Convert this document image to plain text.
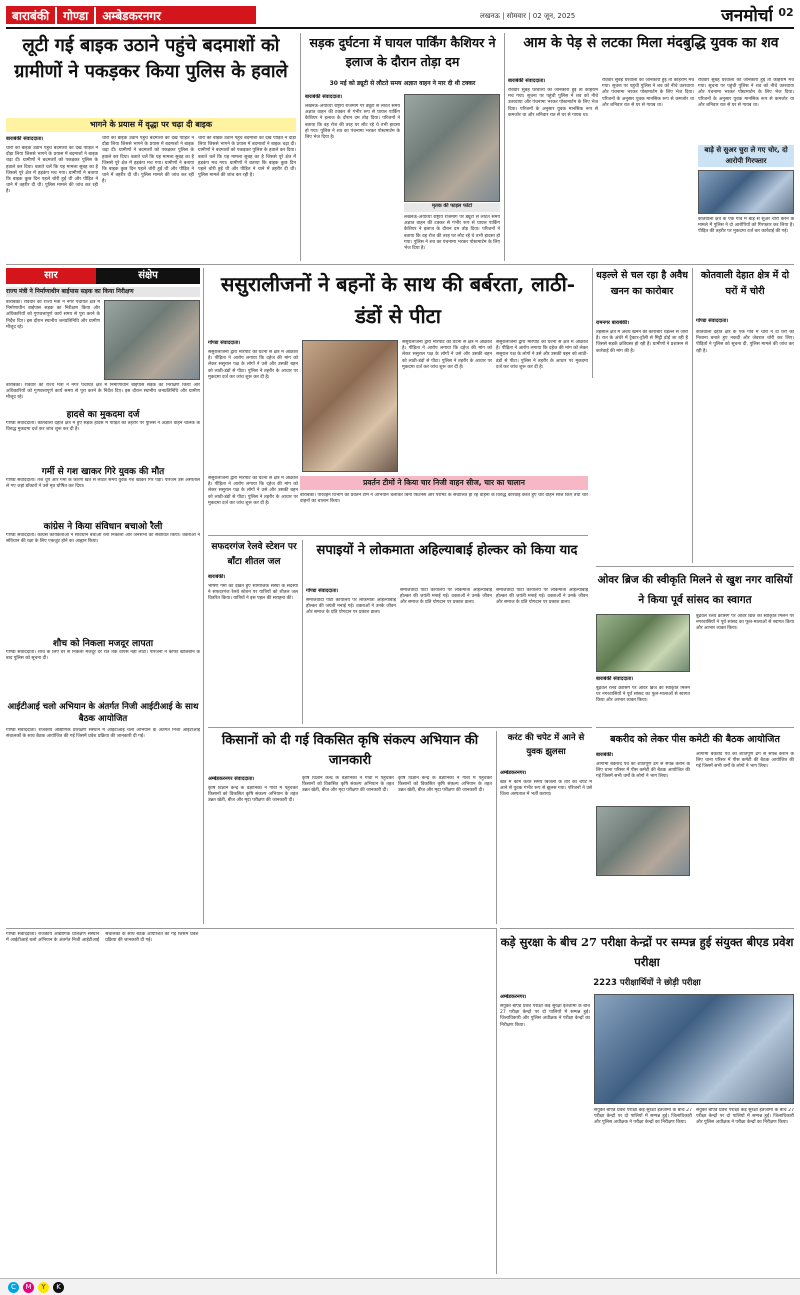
बाराबंकी	गोण्डा	अम्बेडकरनगर	लखनऊ | सोमवार | 02 जून, 2025	जनमोर्चा 02
लूटी गई बाइक उठाने पहुंचे बदमाशों को ग्रामीणों ने पकड़कर किया पुलिस के हवाले
भागने के प्रयास में वृद्धा पर चढ़ा दी बाइक
बाराबंकी संवाददाता।
चोरी की बाइक उठाने पहुंचे बदमाशों को देख पीड़ित ने दौड़ा लिया जिससे भागने के प्रयास में बदमाशों ने बाइक चढ़ा दी। ग्रामीणों ने बदमाशों को पकड़कर पुलिस के हवाले कर दिया। बताते चलें कि यह मामला सुबह का है जिससे पूरे क्षेत्र में हड़कंप मच गया। ग्रामीणों ने बताया कि बाइक कुछ दिन पहले चोरी हुई थी और पीड़ित ने थाने में तहरीर दी थी। पुलिस मामले की जांच कर रही है।
चोरी की बाइक उठाने पहुंचे बदमाशों को देख पीड़ित ने दौड़ा लिया जिससे भागने के प्रयास में बदमाशों ने बाइक चढ़ा दी। ग्रामीणों ने बदमाशों को पकड़कर पुलिस के हवाले कर दिया। बताते चलें कि यह मामला सुबह का है जिससे पूरे क्षेत्र में हड़कंप मच गया। ग्रामीणों ने बताया कि बाइक कुछ दिन पहले चोरी हुई थी और पीड़ित ने थाने में तहरीर दी थी। पुलिस मामले की जांच कर रही है।
चोरी की बाइक उठाने पहुंचे बदमाशों को देख पीड़ित ने दौड़ा लिया जिससे भागने के प्रयास में बदमाशों ने बाइक चढ़ा दी। ग्रामीणों ने बदमाशों को पकड़कर पुलिस के हवाले कर दिया। बताते चलें कि यह मामला सुबह का है जिससे पूरे क्षेत्र में हड़कंप मच गया। ग्रामीणों ने बताया कि बाइक कुछ दिन पहले चोरी हुई थी और पीड़ित ने थाने में तहरीर दी थी। पुलिस मामले की जांच कर रही है।
सड़क दुर्घटना में घायल पार्किंग कैशियर ने इलाज के दौरान तोड़ा दम
30 मई को ड्यूटी से लौटते समय अज्ञात वाहन ने मार दी थी टक्कर
बाराबंकी संवाददाता।
लखनऊ-अयोध्या राष्ट्रीय राजमार्ग पर ड्यूटी से लौटते समय अज्ञात वाहन की टक्कर से गंभीर रूप से घायल पार्किंग कैशियर ने इलाज के दौरान दम तोड़ दिया। परिजनों ने बताया कि वह रोज की तरह घर लौट रहे थे तभी हादसा हो गया। पुलिस ने शव का पंचनामा भरकर पोस्टमार्टम के लिए भेज दिया है।
मृतक की फाइल फोटो
लखनऊ-अयोध्या राष्ट्रीय राजमार्ग पर ड्यूटी से लौटते समय अज्ञात वाहन की टक्कर से गंभीर रूप से घायल पार्किंग कैशियर ने इलाज के दौरान दम तोड़ दिया। परिजनों ने बताया कि वह रोज की तरह घर लौट रहे थे तभी हादसा हो गया। पुलिस ने शव का पंचनामा भरकर पोस्टमार्टम के लिए भेज दिया है।
आम के पेड़ से लटका मिला मंदबुद्धि युवक का शव
बाराबंकी संवाददाता।
रविवार सुबह घरवालों को जानकारी हुई तो कोहराम मच गया। सूचना पर पहुंची पुलिस ने शव को नीचे उतरवाया और पंचनामा भरकर पोस्टमार्टम के लिए भेज दिया। परिजनों के अनुसार युवक मानसिक रूप से कमजोर था और शनिवार रात से घर से गायब था।
रविवार सुबह घरवालों को जानकारी हुई तो कोहराम मच गया। सूचना पर पहुंची पुलिस ने शव को नीचे उतरवाया और पंचनामा भरकर पोस्टमार्टम के लिए भेज दिया। परिजनों के अनुसार युवक मानसिक रूप से कमजोर था और शनिवार रात से घर से गायब था।
रविवार सुबह घरवालों को जानकारी हुई तो कोहराम मच गया। सूचना पर पहुंची पुलिस ने शव को नीचे उतरवाया और पंचनामा भरकर पोस्टमार्टम के लिए भेज दिया। परिजनों के अनुसार युवक मानसिक रूप से कमजोर था और शनिवार रात से घर से गायब था।
बाड़े से सुअर चुरा ले गए चोर, दो आरोपी गिरफ्तार
कोतवाली क्षेत्र के एक गांव में बाड़े से सुअर चोरी करने के मामले में पुलिस ने दो आरोपियों को गिरफ्तार कर लिया है। पीड़ित की तहरीर पर मुकदमा दर्ज कर कार्रवाई की गई।
सार	संक्षेप
राज्य मंत्री ने निर्माणाधीन बाईपास सड़क का किया निरीक्षण
बाराबंकी। रविवार को राज्य मंत्री ने नगर पंचायत क्षेत्र में निर्माणाधीन बाईपास सड़क का निरीक्षण किया और अधिकारियों को गुणवत्तापूर्ण कार्य समय से पूरा करने के निर्देश दिए। इस दौरान स्थानीय जनप्रतिनिधि और ग्रामीण मौजूद रहे।
बाराबंकी। रविवार को राज्य मंत्री ने नगर पंचायत क्षेत्र में निर्माणाधीन बाईपास सड़क का निरीक्षण किया और अधिकारियों को गुणवत्तापूर्ण कार्य समय से पूरा करने के निर्देश दिए। इस दौरान स्थानीय जनप्रतिनिधि और ग्रामीण मौजूद रहे।
हादसे का मुकदमा दर्ज
गोण्डा संवाददाता। कोतवाली देहात क्षेत्र में हुए सड़क हादसे में पीड़ित की तहरीर पर पुलिस ने अज्ञात वाहन चालक के विरुद्ध मुकदमा दर्ज कर जांच शुरू कर दी है।
गर्मी से गश खाकर गिरे युवक की मौत
गोण्डा संवाददाता। तेज धूप और गर्मी के कारण खेत से लौटते समय युवक गश खाकर गिर पड़ा। परिजन उसे अस्पताल ले गए जहां डॉक्टरों ने उसे मृत घोषित कर दिया।
कांग्रेस ने किया संविधान बचाओ रैली
गोण्डा संवाददाता। कांग्रेस कार्यकर्ताओं ने संविधान बचाओ रैली निकाली और जनसभा को संबोधित किया। वक्ताओं ने संविधान की रक्षा के लिए एकजुट होने का आह्वान किया।
शौच को निकला मजदूर लापता
गोण्डा संवाददाता। शौच के लिए घर से निकला मजदूर देर रात तक वापस नहीं लौटा। परिजनों ने काफी खोजबीन के बाद पुलिस को सूचना दी।
आईटीआई चलो अभियान के अंतर्गत निजी आईटीआई के साथ बैठक आयोजित
गोण्डा संवाददाता। राजकीय औद्योगिक प्रशिक्षण संस्थान में आईटीआई चलो अभियान के अंतर्गत निजी आईटीआई संचालकों के साथ बैठक आयोजित की गई जिसमें प्रवेश प्रक्रिया की जानकारी दी गई।
ससुरालीजनों ने बहनों के साथ की बर्बरता, लाठी-डंडों से पीटा
गोण्डा संवाददाता।
ससुरालीजनों द्वारा मारपीट की घटना से क्षेत्र में आक्रोश है। पीड़िता ने आरोप लगाया कि दहेज की मांग को लेकर ससुराल पक्ष के लोगों ने उसे और उसकी बहन को लाठी-डंडों से पीटा। पुलिस ने तहरीर के आधार पर मुकदमा दर्ज कर जांच शुरू कर दी है।
ससुरालीजनों द्वारा मारपीट की घटना से क्षेत्र में आक्रोश है। पीड़िता ने आरोप लगाया कि दहेज की मांग को लेकर ससुराल पक्ष के लोगों ने उसे और उसकी बहन को लाठी-डंडों से पीटा। पुलिस ने तहरीर के आधार पर मुकदमा दर्ज कर जांच शुरू कर दी है।
ससुरालीजनों द्वारा मारपीट की घटना से क्षेत्र में आक्रोश है। पीड़िता ने आरोप लगाया कि दहेज की मांग को लेकर ससुराल पक्ष के लोगों ने उसे और उसकी बहन को लाठी-डंडों से पीटा। पुलिस ने तहरीर के आधार पर मुकदमा दर्ज कर जांच शुरू कर दी है।
प्रवर्तन टीमों ने किया चार निजी वाहन सीज, चार का चालान
बाराबंकी। परिवहन विभाग की प्रवर्तन टीम ने अभियान चलाकर बिना फिटनेस और परमिट के संचालित हो रहे वाहनों के विरुद्ध कार्रवाई करते हुए चार वाहन सीज किए तथा चार वाहनों का चालान किया।
ससुरालीजनों द्वारा मारपीट की घटना से क्षेत्र में आक्रोश है। पीड़िता ने आरोप लगाया कि दहेज की मांग को लेकर ससुराल पक्ष के लोगों ने उसे और उसकी बहन को लाठी-डंडों से पीटा। पुलिस ने तहरीर के आधार पर मुकदमा दर्ज कर जांच शुरू कर दी है।
सफदरगंज रेलवे स्टेशन पर बाँटा शीतल जल
बाराबंकी।
भीषण गर्मी को देखते हुए सामाजिक संस्था के सदस्यों ने सफदरगंज रेलवे स्टेशन पर यात्रियों को शीतल जल वितरित किया। यात्रियों ने इस पहल की सराहना की।
सपाइयों ने लोकमाता अहिल्याबाई होल्कर को किया याद
गोण्डा संवाददाता।
समाजवादी पार्टी कार्यालय पर लोकमाता अहिल्याबाई होल्कर की जयंती मनाई गई। वक्ताओं ने उनके जीवन और समाज के प्रति योगदान पर प्रकाश डाला।
समाजवादी पार्टी कार्यालय पर लोकमाता अहिल्याबाई होल्कर की जयंती मनाई गई। वक्ताओं ने उनके जीवन और समाज के प्रति योगदान पर प्रकाश डाला।
समाजवादी पार्टी कार्यालय पर लोकमाता अहिल्याबाई होल्कर की जयंती मनाई गई। वक्ताओं ने उनके जीवन और समाज के प्रति योगदान पर प्रकाश डाला।
धड़ल्ले से चल रहा है अवैध खनन का कारोबार
रामनगर बाराबंकी।
तहसील क्षेत्र में अवैध खनन का कारोबार धड़ल्ले से जारी है। रात के अंधेरे में ट्रैक्टर-ट्रॉली से मिट्टी ढोई जा रही है जिससे सड़कें क्षतिग्रस्त हो रही हैं। ग्रामीणों ने प्रशासन से कार्रवाई की मांग की है।
कोतवाली देहात क्षेत्र के एक गांव में चोरों ने दो घरों को निशाना बनाते हुए नकदी और जेवरात चोरी कर लिए। पीड़ितों ने पुलिस को सूचना दी, पुलिस मामले की जांच कर रही है।
गोण्डा संवाददाता।
कोतवाली देहात क्षेत्र में दो घरों में चोरी
ओवर ब्रिज की स्वीकृति मिलने से खुश नगर वासियों ने किया पूर्व सांसद का स्वागत
बाराबंकी संवाददाता।
बुढ़वल रेलवे क्रॉसिंग पर ओवर ब्रिज की स्वीकृति मिलने पर नगरवासियों ने पूर्व सांसद का फूल-मालाओं से स्वागत किया और आभार व्यक्त किया।
बुढ़वल रेलवे क्रॉसिंग पर ओवर ब्रिज की स्वीकृति मिलने पर नगरवासियों ने पूर्व सांसद का फूल-मालाओं से स्वागत किया और आभार व्यक्त किया।
बकरीद को लेकर पीस कमेटी की बैठक आयोजित
बाराबंकी।
आगामी बकरीद पर्व को शांतिपूर्ण ढंग से संपन्न कराने के लिए थाना परिसर में पीस कमेटी की बैठक आयोजित की गई जिसमें सभी धर्मों के लोगों ने भाग लिया।
आगामी बकरीद पर्व को शांतिपूर्ण ढंग से संपन्न कराने के लिए थाना परिसर में पीस कमेटी की बैठक आयोजित की गई जिसमें सभी धर्मों के लोगों ने भाग लिया।
किसानों को दी गई विकसित कृषि संकल्प अभियान की जानकारी
अम्बेडकरनगर संवाददाता।
कृषि विज्ञान केन्द्र के वैज्ञानिकों ने गांवों में पहुंचकर किसानों को विकसित कृषि संकल्प अभियान के तहत उन्नत खेती, बीज और मृदा परीक्षण की जानकारी दी।
कृषि विज्ञान केन्द्र के वैज्ञानिकों ने गांवों में पहुंचकर किसानों को विकसित कृषि संकल्प अभियान के तहत उन्नत खेती, बीज और मृदा परीक्षण की जानकारी दी।
कृषि विज्ञान केन्द्र के वैज्ञानिकों ने गांवों में पहुंचकर किसानों को विकसित कृषि संकल्प अभियान के तहत उन्नत खेती, बीज और मृदा परीक्षण की जानकारी दी।
करंट की चपेट में आने से युवक झुलसा
अम्बेडकरनगर।
खेत में काम करते समय बिजली के तार की चपेट में आने से युवक गंभीर रूप से झुलस गया। परिजनों ने उसे जिला अस्पताल में भर्ती कराया।
कड़े सुरक्षा के बीच 27 परीक्षा केन्द्रों पर सम्पन्न हुई संयुक्त बीएड प्रवेश परीक्षा
2223 परीक्षार्थियों ने छोड़ी परीक्षा
अम्बेडकरनगर।
संयुक्त बीएड प्रवेश परीक्षा कड़े सुरक्षा इंतजामों के बीच 27 परीक्षा केन्द्रों पर दो पालियों में सम्पन्न हुई। जिलाधिकारी और पुलिस अधीक्षक ने परीक्षा केन्द्रों का निरीक्षण किया।
संयुक्त बीएड प्रवेश परीक्षा कड़े सुरक्षा इंतजामों के बीच 27 परीक्षा केन्द्रों पर दो पालियों में सम्पन्न हुई। जिलाधिकारी और पुलिस अधीक्षक ने परीक्षा केन्द्रों का निरीक्षण किया।
संयुक्त बीएड प्रवेश परीक्षा कड़े सुरक्षा इंतजामों के बीच 27 परीक्षा केन्द्रों पर दो पालियों में सम्पन्न हुई। जिलाधिकारी और पुलिस अधीक्षक ने परीक्षा केन्द्रों का निरीक्षण किया।
गोण्डा संवाददाता। राजकीय औद्योगिक प्रशिक्षण संस्थान में आईटीआई चलो अभियान के अंतर्गत निजी आईटीआई संचालकों के साथ बैठक आयोजित की गई जिसमें प्रवेश प्रक्रिया की जानकारी दी गई।
C	M	Y	K
